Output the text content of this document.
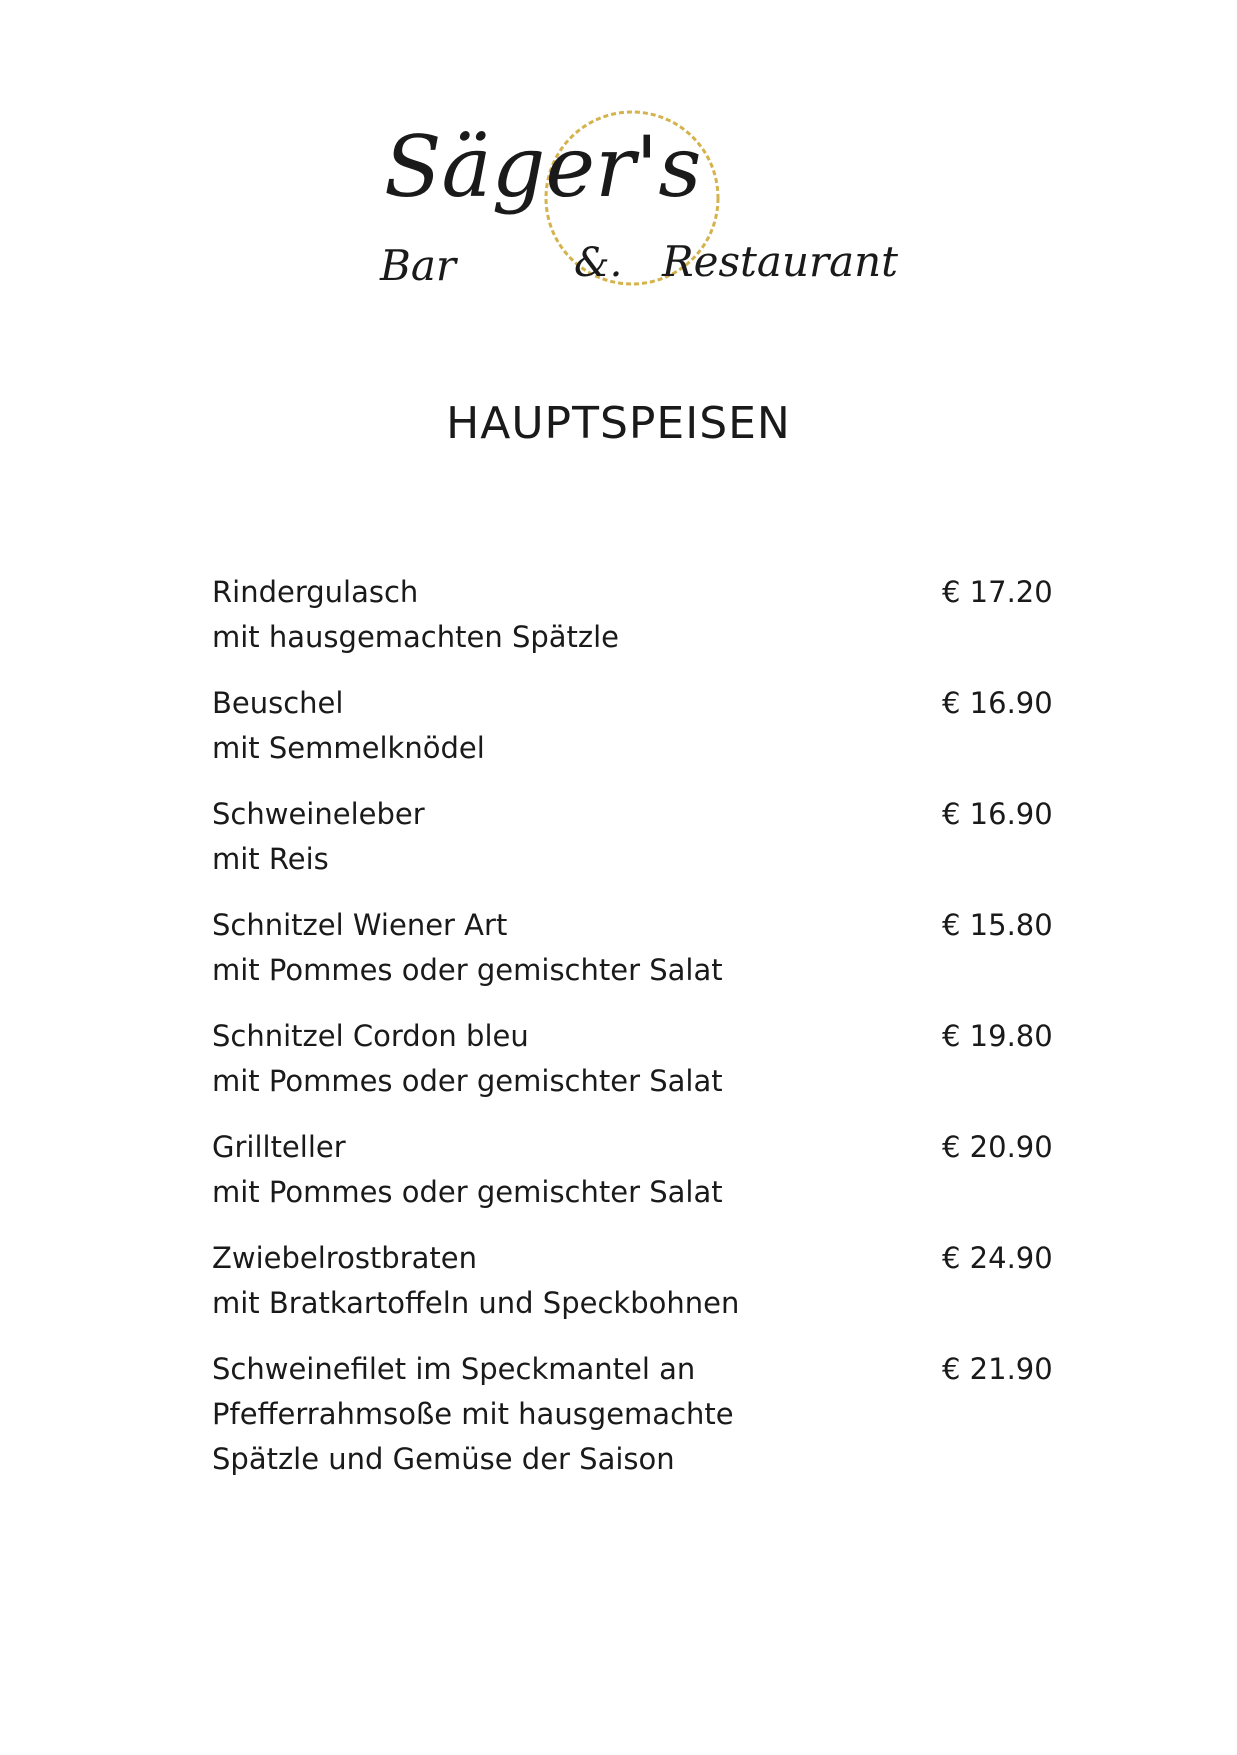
Säger's
Bar	&. Restaurant
HAUPTSPEISEN
Rindergulasch
mit hausgemachten Spätzle
€ 17.20
Beuschel
mit Semmelknödel
€ 16.90
Schweineleber
mit Reis
€ 16.90
Schnitzel Wiener Art
mit Pommes oder gemischter Salat
€ 15.80
Schnitzel Cordon bleu
mit Pommes oder gemischter Salat
€ 19.80
Grillteller
mit Pommes oder gemischter Salat
€ 20.90
Zwiebelrostbraten
mit Bratkartoffeln und Speckbohnen
€ 24.90
Schweinefilet im Speckmantel an
Pfefferrahmsoße mit hausgemachte
Spätzle und Gemüse der Saison
€ 21.90
